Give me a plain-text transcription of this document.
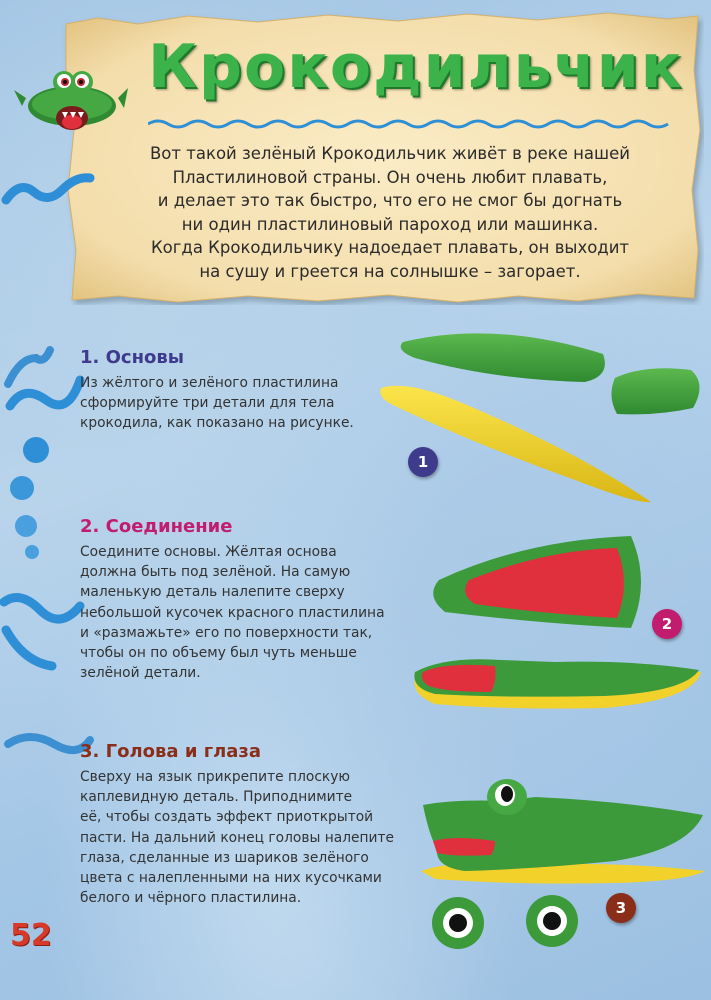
Крокодильчик
Вот такой зелёный Крокодильчик живёт в реке нашей
Пластилиновой страны. Он очень любит плавать,
и делает это так быстро, что его не смог бы догнать
ни один пластилиновый пароход или машинка.
Когда Крокодильчику надоедает плавать, он выходит
на сушу и греется на солнышке – загорает.
1. Основы
Из жёлтого и зелёного пластилина
сформируйте три детали для тела
крокодила, как показано на рисунке.
1
2. Соединение
Соедините основы. Жёлтая основа
должна быть под зелёной. На самую
маленькую деталь налепите сверху
небольшой кусочек красного пластилина
и «размажьте» его по поверхности так,
чтобы он по объему был чуть меньше
зелёной детали.
2
3. Голова и глаза
Сверху на язык прикрепите плоскую
каплевидную деталь. Приподнимите
её, чтобы создать эффект приоткрытой
пасти. На дальний конец головы налепите
глаза, сделанные из шариков зелёного
цвета с налепленными на них кусочками
белого и чёрного пластилина.
3
52
